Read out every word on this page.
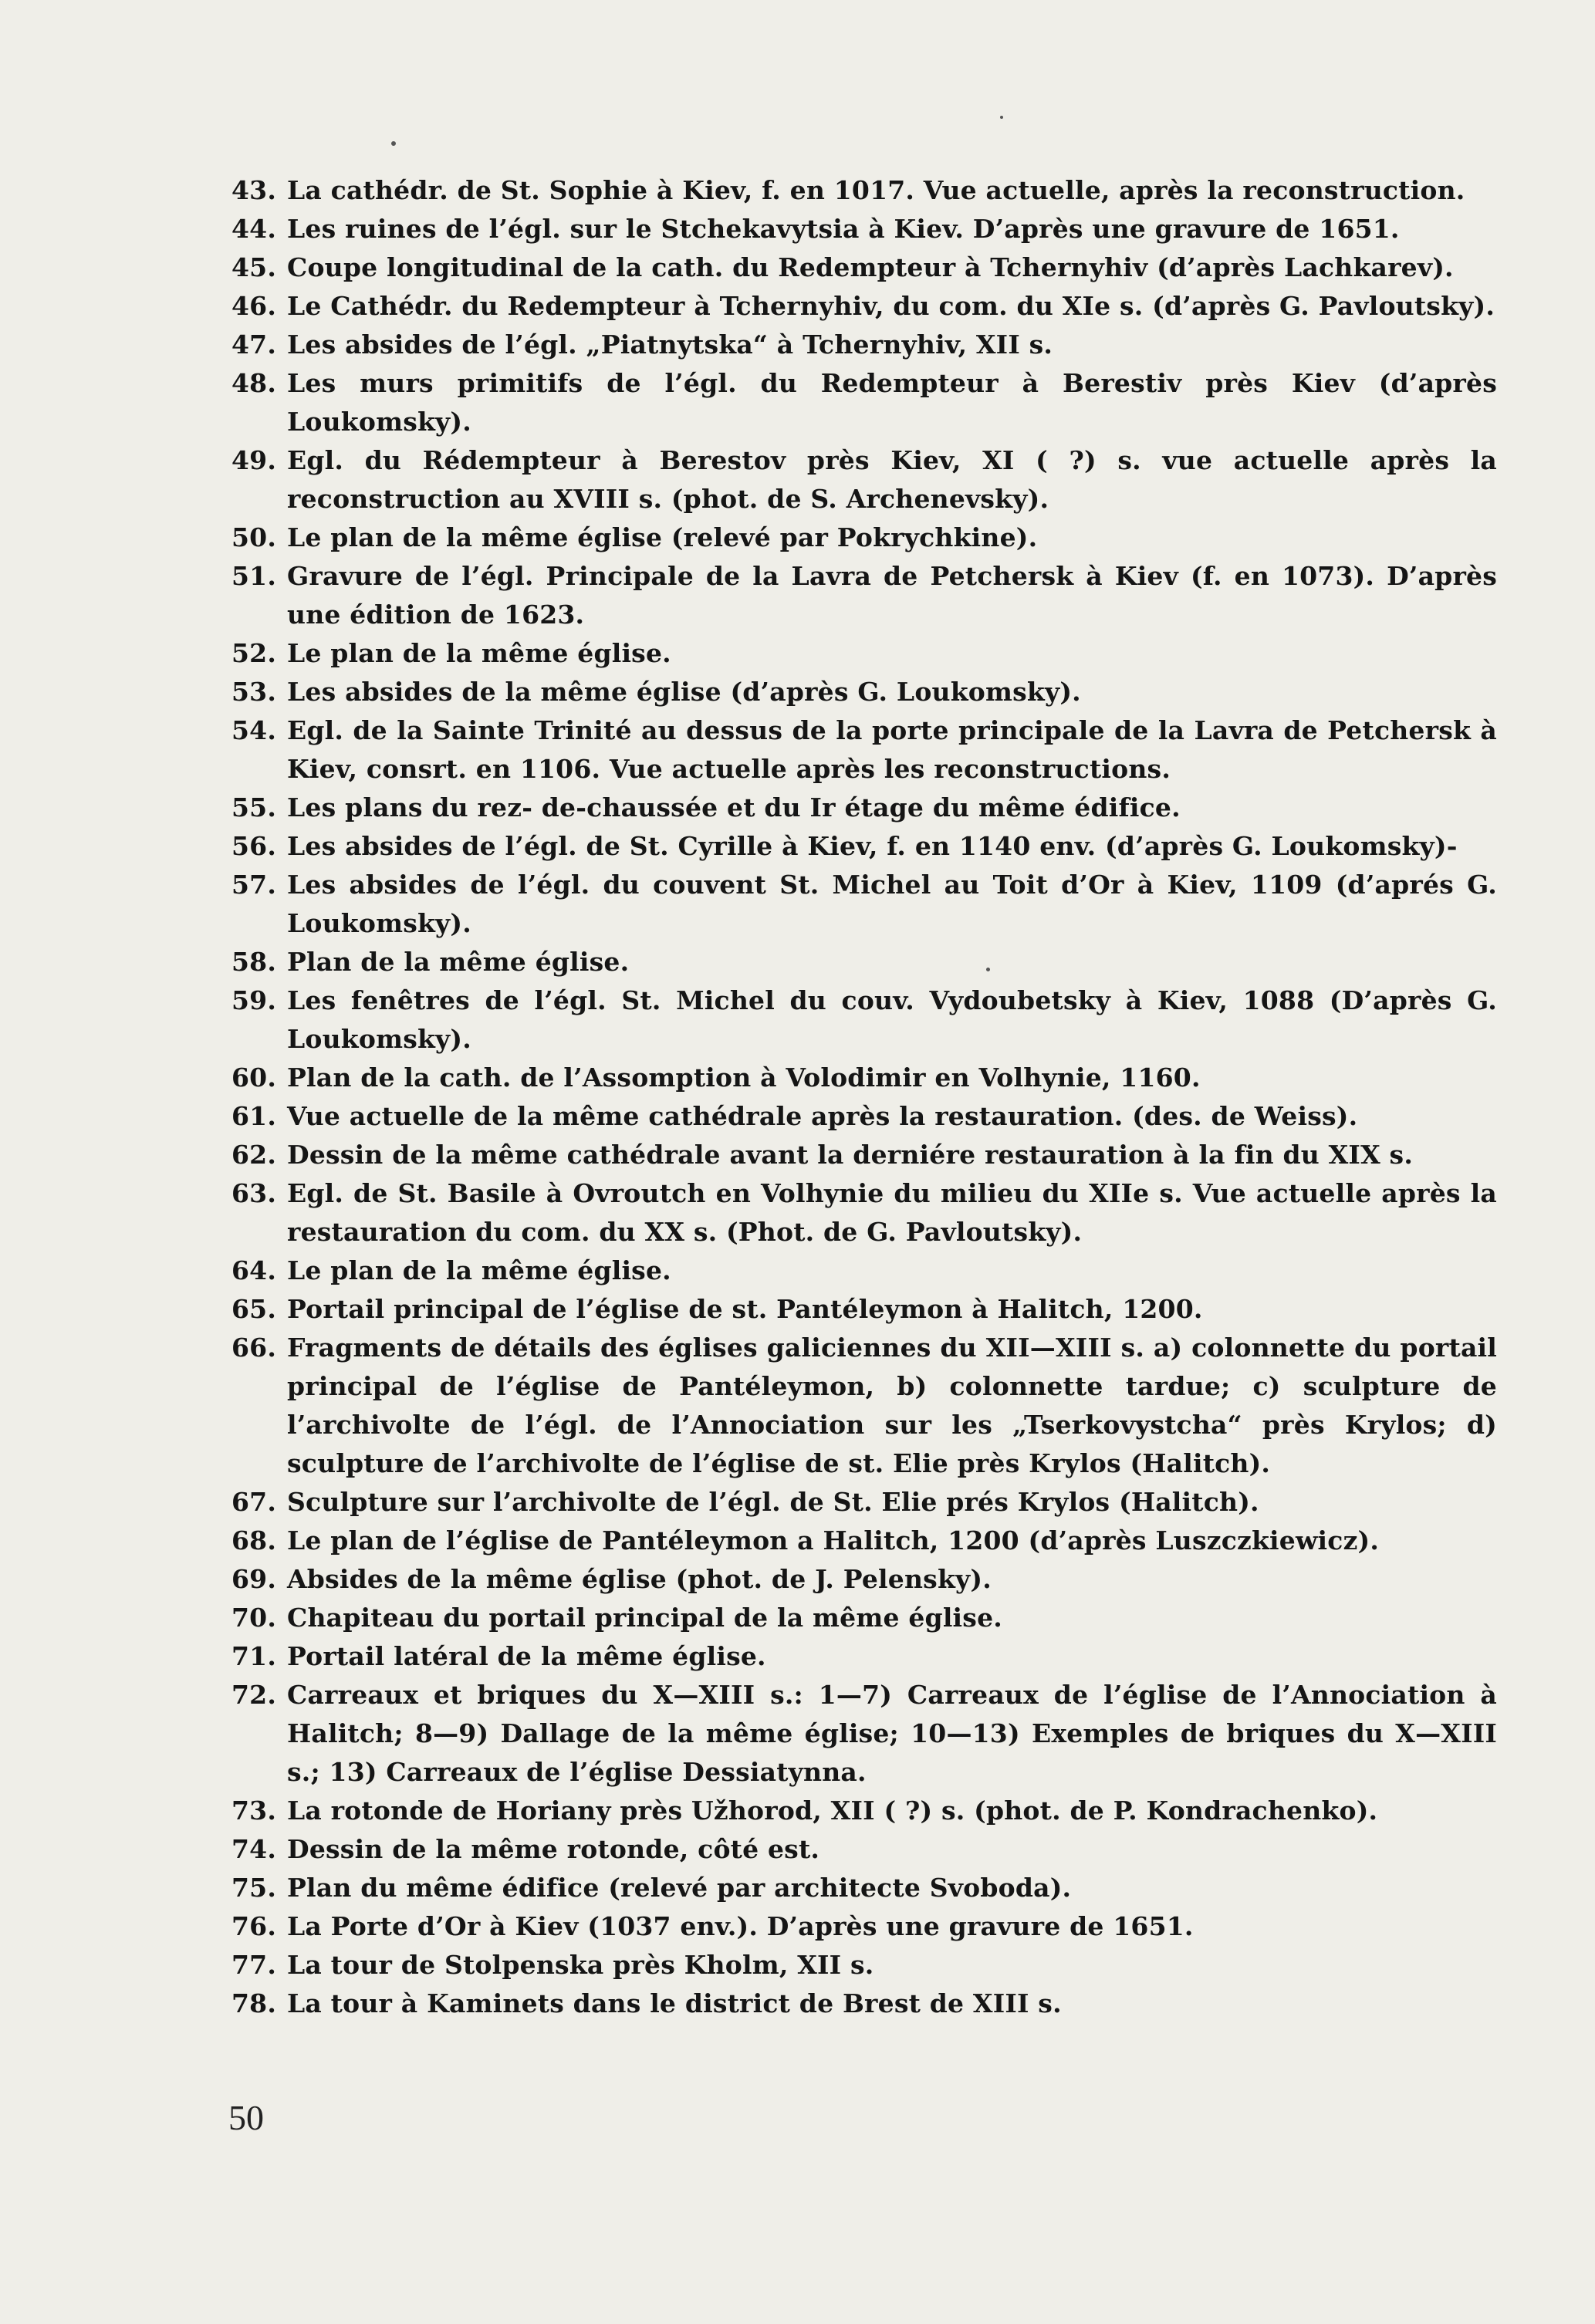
43. La cathédr. de St. Sophie à Kiev, f. en 1017. Vue actuelle, après la reconstruction.
44. Les ruines de l’égl. sur le Stchekavytsia à Kiev. D’après une gravure de 1651.
45. Coupe longitudinal de la cath. du Redempteur à Tchernyhiv (d’après Lachkarev).
46. Le Cathédr. du Redempteur à Tchernyhiv, du com. du XIe s. (d’après G. Pavloutsky).
47. Les absides de l’égl. „Piatnytska“ à Tchernyhiv, XII s.
48. Les murs primitifs de l’égl. du Redempteur à Berestiv près Kiev (d’après Loukomsky).
49. Egl. du Rédempteur à Berestov près Kiev, XI ( ?) s. vue actuelle après la reconstruction au XVIII s. (phot. de S. Archenevsky).
50. Le plan de la même église (relevé par Pokrychkine).
51. Gravure de l’égl. Principale de la Lavra de Petchersk à Kiev (f. en 1073). D’après une édition de 1623.
52. Le plan de la même église.
53. Les absides de la même église (d’après G. Loukomsky).
54. Egl. de la Sainte Trinité au dessus de la porte principale de la Lavra de Petchersk à Kiev, consrt. en 1106. Vue actuelle après les reconstructions.
55. Les plans du rez- de-chaussée et du Ir étage du même édifice.
56. Les absides de l’égl. de St. Cyrille à Kiev, f. en 1140 env. (d’après G. Loukomsky)-
57. Les absides de l’égl. du couvent St. Michel au Toit d’Or à Kiev, 1109 (d’aprés G. Loukomsky).
58. Plan de la même église.
59. Les fenêtres de l’égl. St. Michel du couv. Vydoubetsky à Kiev, 1088 (D’après G. Loukomsky).
60. Plan de la cath. de l’Assomption à Volodimir en Volhynie, 1160.
61. Vue actuelle de la même cathédrale après la restauration. (des. de Weiss).
62. Dessin de la même cathédrale avant la derniére restauration à la fin du XIX s.
63. Egl. de St. Basile à Ovroutch en Volhynie du milieu du XIIe s. Vue actuelle après la restauration du com. du XX s. (Phot. de G. Pavloutsky).
64. Le plan de la même église.
65. Portail principal de l’église de st. Pantéleymon à Halitch, 1200.
66. Fragments de détails des églises galiciennes du XII—XIII s. a) colonnette du portail principal de l’église de Pantéleymon, b) colonnette tardue; c) sculpture de l’archivolte de l’égl. de l’Annociation sur les „Tserkovystcha“ près Krylos; d) sculpture de l’archivolte de l’église de st. Elie près Krylos (Halitch).
67. Sculpture sur l’archivolte de l’égl. de St. Elie prés Krylos (Halitch).
68. Le plan de l’église de Pantéleymon a Halitch, 1200 (d’après Luszczkiewicz).
69. Absides de la même église (phot. de J. Pelensky).
70. Chapiteau du portail principal de la même église.
71. Portail latéral de la même église.
72. Carreaux et briques du X—XIII s.: 1—7) Carreaux de l’église de l’Annociation à Halitch; 8—9) Dallage de la même église; 10—13) Exemples de briques du X—XIII s.; 13) Carreaux de l’église Dessiatynna.
73. La rotonde de Horiany près Užhorod, XII ( ?) s. (phot. de P. Kondrachenko).
74. Dessin de la même rotonde, côté est.
75. Plan du même édifice (relevé par architecte Svoboda).
76. La Porte d’Or à Kiev (1037 env.). D’après une gravure de 1651.
77. La tour de Stolpenska près Kholm, XII s.
78. La tour à Kaminets dans le district de Brest de XIII s.
50
